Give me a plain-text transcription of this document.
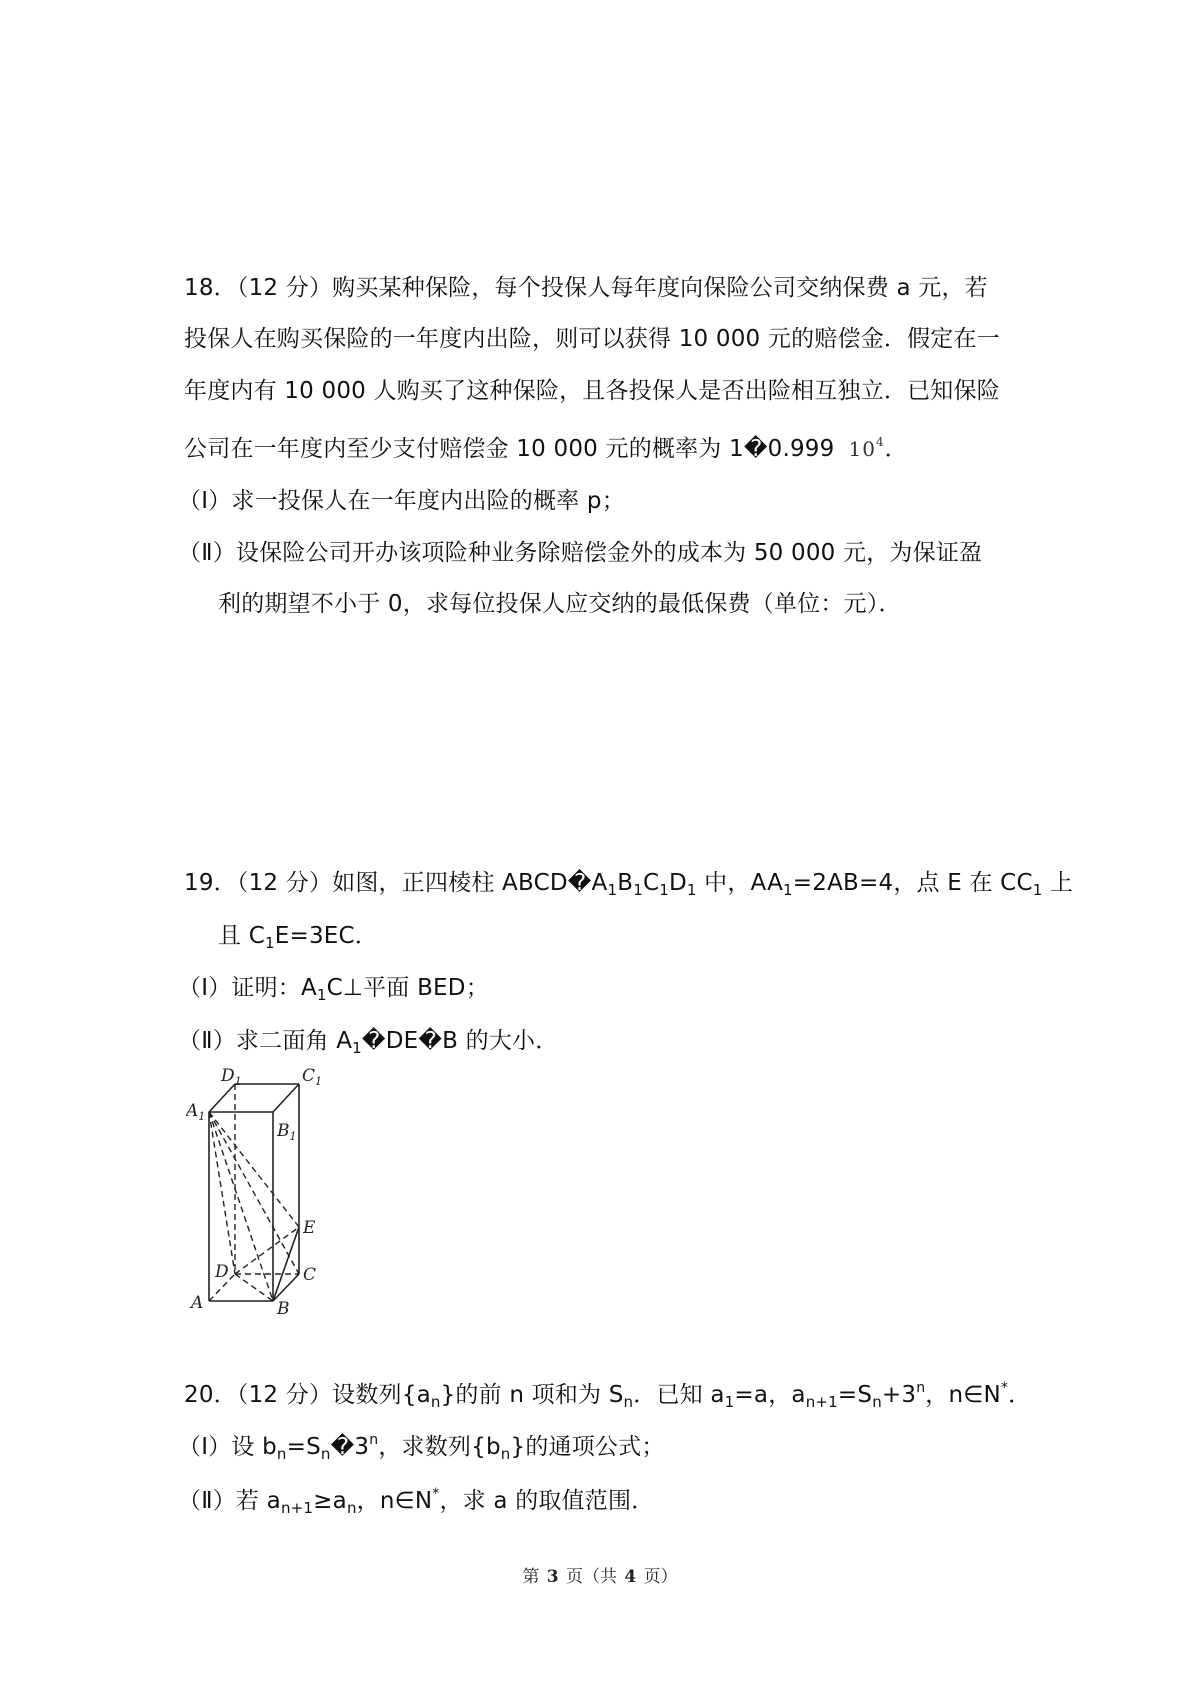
18．（12 分）购买某种保险，每个投保人每年度向保险公司交纳保费 a 元，若
投保人在购买保险的一年度内出险，则可以获得 10 000 元的赔偿金．假定在一
年度内有 10 000 人购买了这种保险，且各投保人是否出险相互独立．已知保险
公司在一年度内至少支付赔偿金 10 000 元的概率为 1�0.999 $10^4$．
（Ⅰ）求一投保人在一年度内出险的概率 p；
（Ⅱ）设保险公司开办该项险种业务除赔偿金外的成本为 50 000 元，为保证盈
利的期望不小于 0，求每位投保人应交纳的最低保费（单位：元）．
19．（12 分）如图，正四棱柱 $ABCD�A_1B_1C_1D_1$ 中，$AA_1=2AB=4$，点 E 在 $CC_1$ 上
且 $C_1E=3EC$．
（Ⅰ）证明：$A_1C\perp$平面 BED；
（Ⅱ）求二面角 $A_1�DE�B$ 的大小．
$D_1$	$C_1$
$A_1$
$B_1$
E
D	C
A	B
20．（12 分）设数列$\{a_n\}$的前 n 项和为 $S_n$．已知 $a_1=a$，$a_{n+1}=S_n+3^n$，n∈N*．
（Ⅰ）设 $b_n=S_n�3^n$，求数列$\{b_n\}$的通项公式；
（Ⅱ）若 $a_{n+1}\ge a_n$，n∈N*，求 a 的取值范围．
第 3 页（共 4 页）
